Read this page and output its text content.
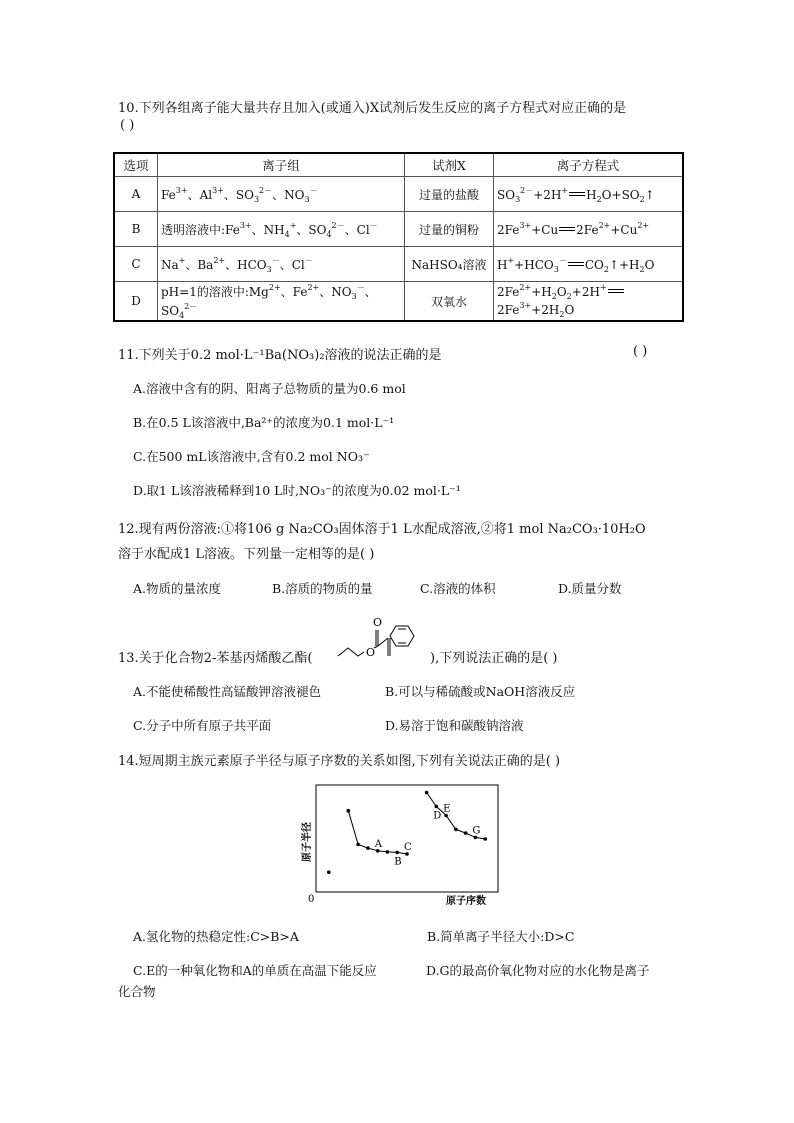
10.下列各组离子能大量共存且加入(或通入)X试剂后发生反应的离子方程式对应正确的是
( )
选项	离子组	试剂X	离子方程式
A	$Fe^{3+}$、$Al^{3+}$、$SO_3^{2-}$、$NO_3^-$	过量的盐酸	$SO_3^{2-}+2H^+$ $H_2O+SO_2↑$
B	透明溶液中$:Fe^{3+}$、$NH_4^+$、$SO_4^{2-}$、Cl－	过量的铜粉	$2Fe^{3+}+Cu$ $2Fe^{2+}+Cu^{2+}$
C	Na+、$Ba^{2+}$、$HCO_3^-$、Cl－	NaHSO₄溶液	$H^++HCO_3^-$ $CO_2↑+H_2O$
D	pH=1的溶液中$:Mg^{2+}$、$Fe^{2+}$、$NO_3^-$、$SO_4^{2-}$	双氧水	$2Fe^{2+}+H_2O_2+2H^+2Fe^{3+}+2H_2O$
11.下列关于0.2 mol·L⁻¹Ba(NO₃)₂溶液的说法正确的是	( )
A.溶液中含有的阴、阳离子总物质的量为0.6 mol
B.在0.5 L该溶液中,Ba²⁺的浓度为0.1 mol·L⁻¹
C.在500 mL该溶液中,含有0.2 mol NO₃⁻
D.取1 L该溶液稀释到10 L时,NO₃⁻的浓度为0.02 mol·L⁻¹
12.现有两份溶液:①将106 g Na₂CO₃固体溶于1 L水配成溶液,②将1 mol Na₂CO₃·10H₂O
溶于水配成1 L溶液。下列量一定相等的是( )
A.物质的量浓度	B.溶质的物质的量	C.溶液的体积	D.质量分数
13.关于化合物2-苯基丙烯酸乙酯(	O
O
),下列说法正确的是( )
A.不能使稀酸性高锰酸钾溶液褪色	B.可以与稀硫酸或NaOH溶液反应
C.分子中所有原子共平面	D.易溶于饱和碳酸钠溶液
14.短周期主族元素原子半径与原子序数的关系如图,下列有关说法正确的是( )
0	原子序数
原子半径	A
B
C
D
E
G
A.氢化物的热稳定性:C>B>A	B.简单离子半径大小:D>C
C.E的一种氧化物和A的单质在高温下能反应	D.G的最高价氧化物对应的水化物是离子
化合物
